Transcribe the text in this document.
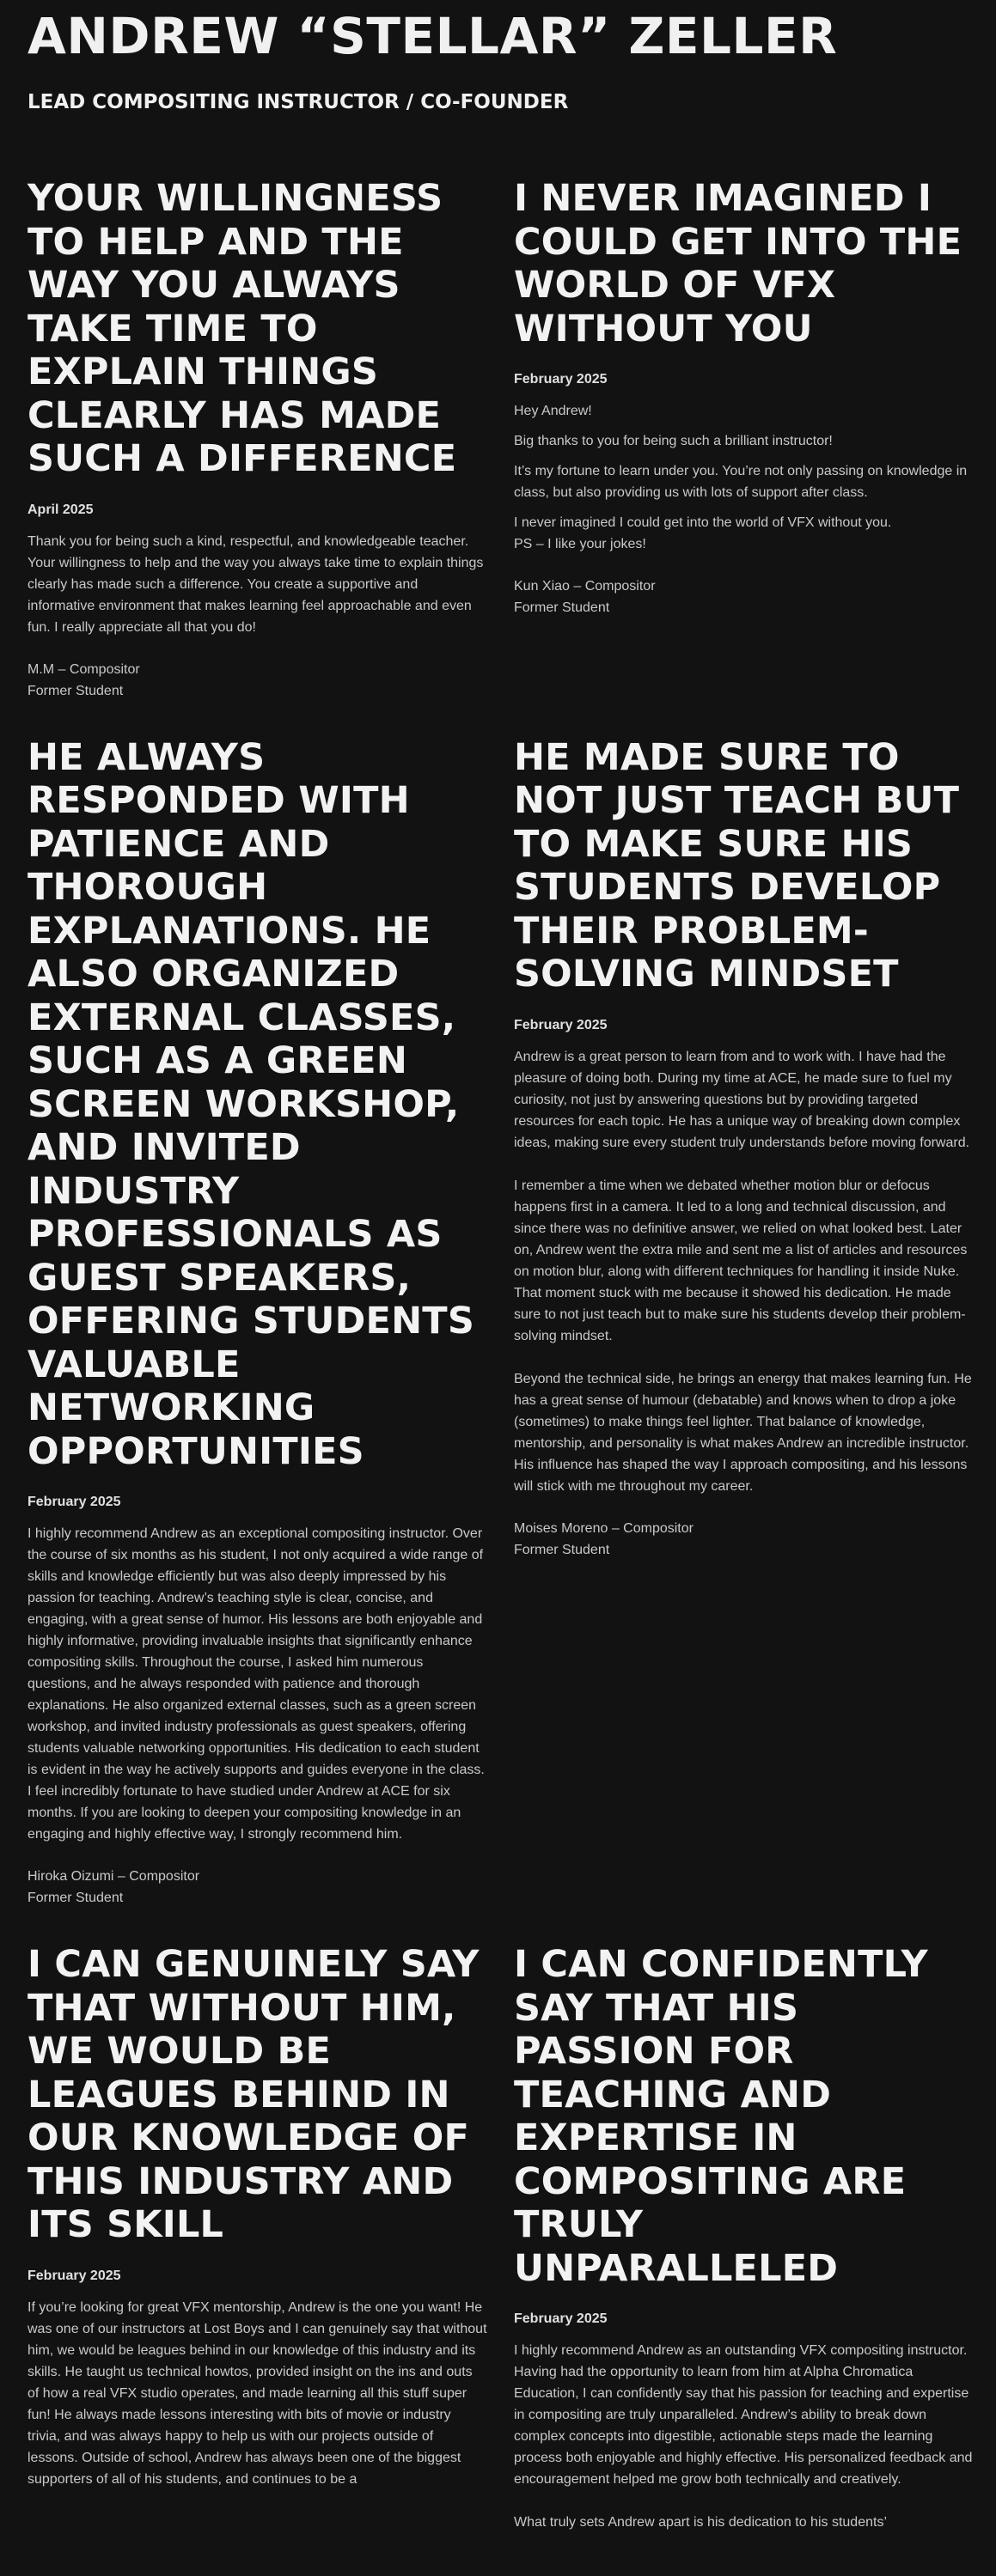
ANDREW “STELLAR” ZELLER
LEAD COMPOSITING INSTRUCTOR / CO-FOUNDER
YOUR WILLINGNESS TO HELP AND THE WAY YOU ALWAYS TAKE TIME TO EXPLAIN THINGS CLEARLY HAS MADE SUCH A DIFFERENCE
April 2025

Thank you for being such a kind, respectful, and knowledgeable teacher. Your willingness to help and the way you always take time to explain things clearly has made such a difference. You create a supportive and informative environment that makes learning feel approachable and even fun. I really appreciate all that you do!

M.M – Compositor
Former Student
I NEVER IMAGINED I COULD GET INTO THE WORLD OF VFX WITHOUT YOU
February 2025

Hey Andrew!

Big thanks to you for being such a brilliant instructor!

It’s my fortune to learn under you. You’re not only passing on knowledge in class, but also providing us with lots of support after class.

I never imagined I could get into the world of VFX without you.

PS – I like your jokes!

Kun Xiao – Compositor
Former Student
HE ALWAYS RESPONDED WITH PATIENCE AND THOROUGH EXPLANATIONS. HE ALSO ORGANIZED EXTERNAL CLASSES, SUCH AS A GREEN SCREEN WORKSHOP, AND INVITED INDUSTRY PROFESSIONALS AS GUEST SPEAKERS, OFFERING STUDENTS VALUABLE NETWORKING OPPORTUNITIES
February 2025

I highly recommend Andrew as an exceptional compositing instructor. Over the course of six months as his student, I not only acquired a wide range of skills and knowledge efficiently but was also deeply impressed by his passion for teaching. Andrew’s teaching style is clear, concise, and engaging, with a great sense of humor. His lessons are both enjoyable and highly informative, providing invaluable insights that significantly enhance compositing skills. Throughout the course, I asked him numerous questions, and he always responded with patience and thorough explanations. He also organized external classes, such as a green screen workshop, and invited industry professionals as guest speakers, offering students valuable networking opportunities. His dedication to each student is evident in the way he actively supports and guides everyone in the class. I feel incredibly fortunate to have studied under Andrew at ACE for six months. If you are looking to deepen your compositing knowledge in an engaging and highly effective way, I strongly recommend him.

Hiroka Oizumi – Compositor
Former Student
HE MADE SURE TO NOT JUST TEACH BUT TO MAKE SURE HIS STUDENTS DEVELOP THEIR PROBLEM-SOLVING MINDSET
February 2025

Andrew is a great person to learn from and to work with. I have had the pleasure of doing both. During my time at ACE, he made sure to fuel my curiosity, not just by answering questions but by providing targeted resources for each topic. He has a unique way of breaking down complex ideas, making sure every student truly understands before moving forward.

I remember a time when we debated whether motion blur or defocus happens first in a camera. It led to a long and technical discussion, and since there was no definitive answer, we relied on what looked best. Later on, Andrew went the extra mile and sent me a list of articles and resources on motion blur, along with different techniques for handling it inside Nuke. That moment stuck with me because it showed his dedication. He made sure to not just teach but to make sure his students develop their problem-solving mindset.

Beyond the technical side, he brings an energy that makes learning fun. He has a great sense of humour (debatable) and knows when to drop a joke (sometimes) to make things feel lighter. That balance of knowledge, mentorship, and personality is what makes Andrew an incredible instructor. His influence has shaped the way I approach compositing, and his lessons will stick with me throughout my career.

Moises Moreno – Compositor
Former Student
I CAN GENUINELY SAY THAT WITHOUT HIM, WE WOULD BE LEAGUES BEHIND IN OUR KNOWLEDGE OF THIS INDUSTRY AND ITS SKILL
February 2025

If you’re looking for great VFX mentorship, Andrew is the one you want! He was one of our instructors at Lost Boys and I can genuinely say that without him, we would be leagues behind in our knowledge of this industry and its skills. He taught us technical howtos, provided insight on the ins and outs of how a real VFX studio operates, and made learning all this stuff super fun! He always made lessons interesting with bits of movie or industry trivia, and was always happy to help us with our projects outside of lessons. Outside of school, Andrew has always been one of the biggest supporters of all of his students, and continues to be a

I CAN CONFIDENTLY SAY THAT HIS PASSION FOR TEACHING AND EXPERTISE IN COMPOSITING ARE TRULY UNPARALLELED
February 2025

I highly recommend Andrew as an outstanding VFX compositing instructor. Having had the opportunity to learn from him at Alpha Chromatica Education, I can confidently say that his passion for teaching and expertise in compositing are truly unparalleled. Andrew’s ability to break down complex concepts into digestible, actionable steps made the learning process both enjoyable and highly effective. His personalized feedback and encouragement helped me grow both technically and creatively.

What truly sets Andrew apart is his dedication to his students’
